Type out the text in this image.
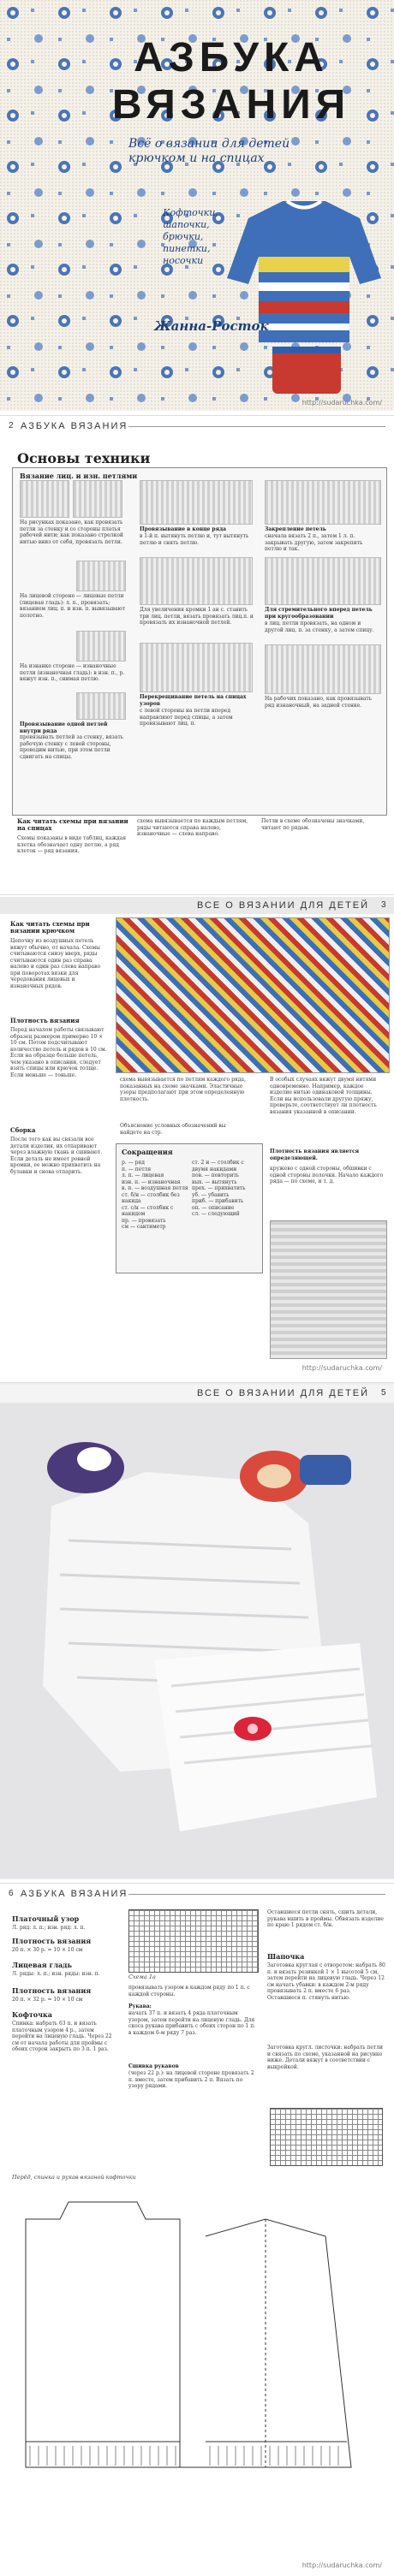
АЗБУКА
ВЯЗАНИЯ
Всё о вязании для детей крючком и на спицах
Кофточки, шапочки, брючки, пинетки, носочки
Жанна-Росток
http://sudaruchka.com/
2 АЗБУКА ВЯЗАНИЯ
Основы техники
Вязание лиц. и изн. петлями
На рисунках показано, как провязать петли за стенку и со стороны платья рабочей нити; как показано стрелкой нитью вниз от себя, провязать петли.
На лицевой стороне — лицевые петли (лицевая гладь): л. п., провязать; вязанием лиц. п. и изн. п. вывязывают полотно.
На изнанке стороне — изнаночные петли (изнаночная гладь): в изн. п., р. вяжут изн. п., снимая петлю.
Провязывание одной петлей внутри ряда
провязывать петлей за стенку, вязать рабочую стенку с левой стороны, проводим нитью, при этом петли сдвигать на спицы.
Провязывание в конце ряда
в 1-й п. вытянуть петлю и, тут вытянуть петлю и снять петлю.
Для увеличения кромки 1 ан с. ставить три лиц. петли, вязать провязать лиц.п. и провязать их изнаночной петлей.
Перекрещивание петель на спицах узоров
с левой стороны на петли вперед направляют перед спицы, а затем провязывают лиц. п.
Закрепление петель
сначала вязать 2 п., затем 1 л. п. закрывать другую, затем закрепить петлю и так.
Для стремительного вперед петель при кругообразовании
в лиц. петли провязать, на одном и другой лиц. п. за стенку, а затем спицу.
На рабочих показано, как провязывать ряд изнаночный, на задней стенке.
Как читать схемы при вязании на спицах
Схемы показаны в виде таблиц, каждая клетка обозначает одну петлю, а ряд клеток — ряд вязания.
схема вывязывается по каждым петлям, ряды читаются справа налево, изнаночные — слева направо.
Петли в схеме обозначены значками, читают по рядам.
ВСЕ О ВЯЗАНИИ ДЛЯ ДЕТЕЙ 3
Как читать схемы при вязании крючком
Цепочку из воздушных петель вяжут обычно, от начала. Схемы считываются снизу вверх, ряды считываются один раз справа налево и один раз слева направо при поворотах вязки для чередования лицевых и изнаночных рядов.
Плотность вязания
Перед началом работы связывают образец размером примерно 10 × 10 см. Потом подсчитывают количество петель и рядов в 10 см. Если на образце больше петель, чем указано в описании, следует взять спицы или крючок толще. Если меньше — тоньше.
Сборка
После того как вы связали все детали изделия, их отпаривают через влажную ткань и сшивают. Если деталь не имеет ровной кромки, ее можно прихватить на булавки и снова отпарить.
схема вывязывается по петлям каждого ряда, показанных на схеме значками. Эластичные узоры предполагают при этом определенную плотность.
Объяснение условных обозначений вы найдете на стр.
Сокращения
р. — ряд
п. — петля
л. п. — лицевая
изн. п. — изнаночная
в. п. — воздушная петля
ст. б/н — столбик без накида
ст. с/н — столбик с накидом
пр. — провязать
см — сантиметр
ст. 2 н — столбик с двумя накидами
пов. — повторить
вых. — вытянуть
прех. — прихватить
уб. — убавить
приб. — прибавить
оп. — описание
сл. — следующий
В особых случаях вяжут двумя нитями одновременно. Например, каждое изделие нитью одинаковой толщины. Если вы использовали другую пряжу, проверьте, соответствует ли плотность вязания указанной в описании.
Плотность вязания является определяющей.
кружево с одной стороны, обшивки с одной стороны полочки. Начало каждого ряда — по схеме, и т. д.
http://sudaruchka.com/
ВСЕ О ВЯЗАНИИ ДЛЯ ДЕТЕЙ 5
6 АЗБУКА ВЯЗАНИЯ
Платочный узор
Л. ряд: л. п.; изн. ряд: л. п.
Плотность вязания
20 п. × 30 р. = 10 × 10 см
Лицевая гладь
Л. ряды: л. п.; изн. ряды: изн. п.
Плотность вязания
20 п. × 32 р. = 10 × 10 см
Кофточка
Спинка: набрать 63 п. и вязать платочным узором 4 р., затем перейти на лицевую гладь. Через 22 см от начала работы для проймы с обеих сторон закрыть по 3 п. 1 раз.
Схема 1а
провязывать узором в каждом ряду по 1 п. с каждой стороны.
Рукава:
начать 37 п. и вязать 4 ряда платочным узором, затем перейти на лицевую гладь. Для скоса рукава прибавить с обеих сторон по 1 п. в каждом 6-м ряду 7 раз.
Сшивка рукавов
(через 22 р.): на лицевой стороне провязать 2 п. вместе, затем прибавить 2 п. Вязать по узору рядами.
Оставшиеся петли снять, сшить детали, рукава вшить в проймы. Обвязать изделие по краю 1 рядом ст. б/н.
Шапочка
Заготовка круглая с отворотом: набрать 80 п. и вязать резинкой 1 × 1 высотой 5 см, затем перейти на лицевую гладь. Через 12 см начать убавки: в каждом 2-м ряду провязывать 2 п. вместе 6 раз. Оставшиеся п. стянуть нитью.
Заготовка кругл. листочки: набрать петли и связать по схеме, указанной на рисунке ниже. Детали вяжут в соответствии с выкройкой.
Перёд, спинка и рукав вязаной кофточки
http://sudaruchka.com/
